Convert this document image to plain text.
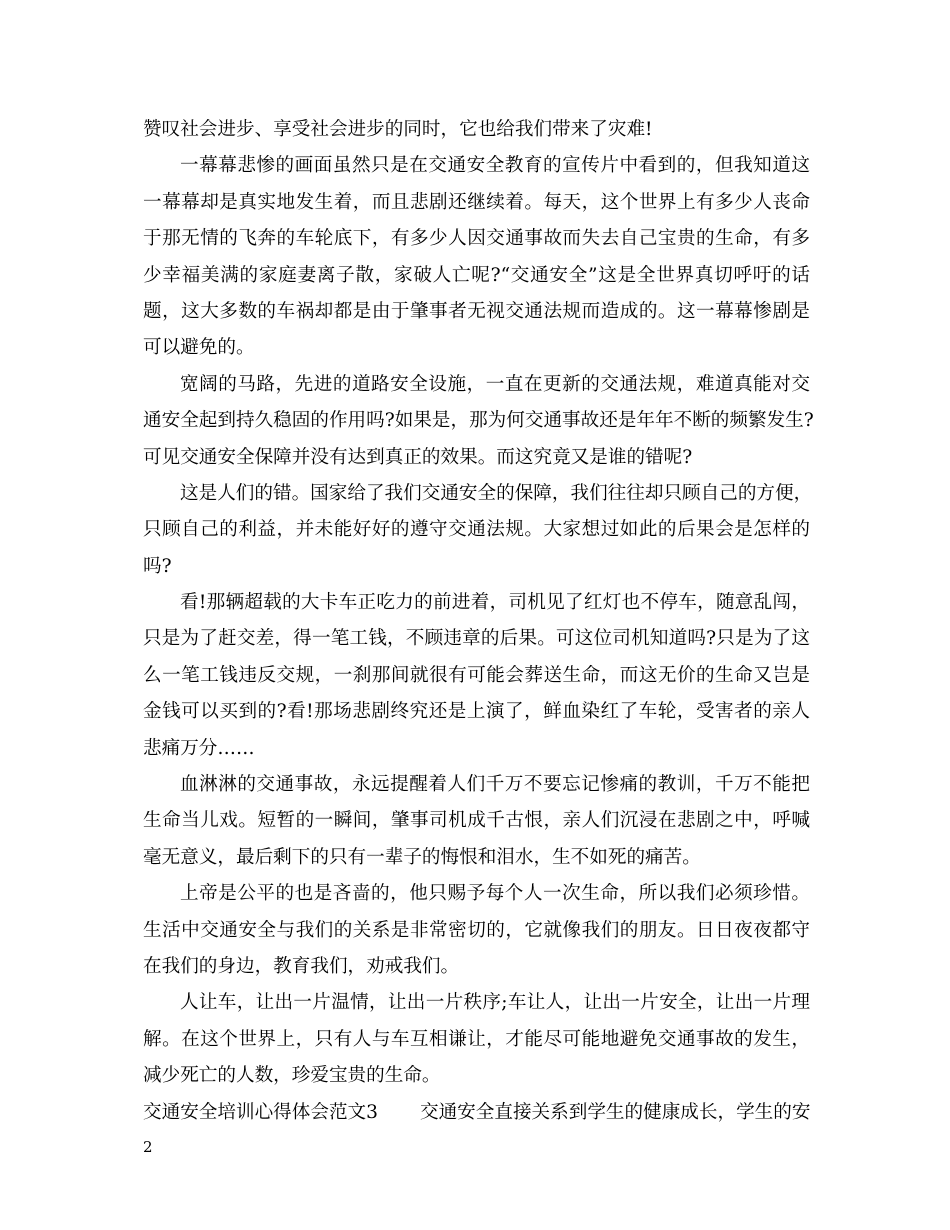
赞叹社会进步、享受社会进步的同时，它也给我们带来了灾难!
一幕幕悲惨的画面虽然只是在交通安全教育的宣传片中看到的，但我知道这
一幕幕却是真实地发生着，而且悲剧还继续着。每天，这个世界上有多少人丧命
于那无情的飞奔的车轮底下，有多少人因交通事故而失去自己宝贵的生命，有多
少幸福美满的家庭妻离子散，家破人亡呢?“交通安全”这是全世界真切呼吁的话
题，这大多数的车祸却都是由于肇事者无视交通法规而造成的。这一幕幕惨剧是
可以避免的。
宽阔的马路，先进的道路安全设施，一直在更新的交通法规，难道真能对交
通安全起到持久稳固的作用吗?如果是，那为何交通事故还是年年不断的频繁发生?
可见交通安全保障并没有达到真正的效果。而这究竟又是谁的错呢?
这是人们的错。国家给了我们交通安全的保障，我们往往却只顾自己的方便，
只顾自己的利益，并未能好好的遵守交通法规。大家想过如此的后果会是怎样的
吗?
看!那辆超载的大卡车正吃力的前进着，司机见了红灯也不停车，随意乱闯，
只是为了赶交差，得一笔工钱，不顾违章的后果。可这位司机知道吗?只是为了这
么一笔工钱违反交规，一刹那间就很有可能会葬送生命，而这无价的生命又岂是
金钱可以买到的?看!那场悲剧终究还是上演了，鲜血染红了车轮，受害者的亲人
悲痛万分……
血淋淋的交通事故，永远提醒着人们千万不要忘记惨痛的教训，千万不能把
生命当儿戏。短暂的一瞬间，肇事司机成千古恨，亲人们沉浸在悲剧之中，呼喊
毫无意义，最后剩下的只有一辈子的悔恨和泪水，生不如死的痛苦。
上帝是公平的也是吝啬的，他只赐予每个人一次生命，所以我们必须珍惜。
生活中交通安全与我们的关系是非常密切的，它就像我们的朋友。日日夜夜都守
在我们的身边，教育我们，劝戒我们。
人让车，让出一片温情，让出一片秩序;车让人，让出一片安全，让出一片理
解。在这个世界上，只有人与车互相谦让，才能尽可能地避免交通事故的发生，
减少死亡的人数，珍爱宝贵的生命。
交通安全培训心得体会范文3 交通安全直接关系到学生的健康成长，学生的安
2
